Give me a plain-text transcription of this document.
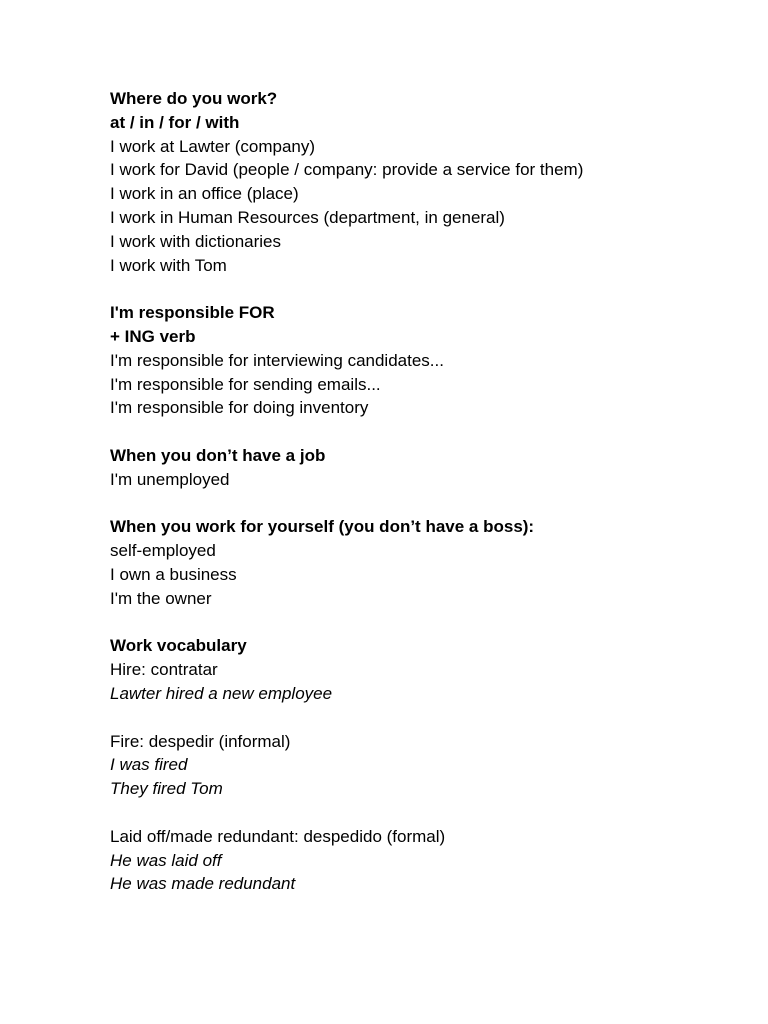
Where do you work?
at / in / for / with
I work at Lawter (company)
I work for David (people / company: provide a service for them)
I work in an office (place)
I work in Human Resources (department, in general)
I work with dictionaries
I work with Tom
I'm responsible FOR
+ ING verb
I'm responsible for interviewing candidates...
I'm responsible for sending emails...
I'm responsible for doing inventory
When you don’t have a job
I'm unemployed
When you work for yourself (you don’t have a boss):
self-employed
I own a business
I'm the owner
Work vocabulary
Hire: contratar
Lawter hired a new employee
Fire: despedir (informal)
I was fired
They fired Tom
Laid off/made redundant: despedido (formal)
He was laid off
He was made redundant
